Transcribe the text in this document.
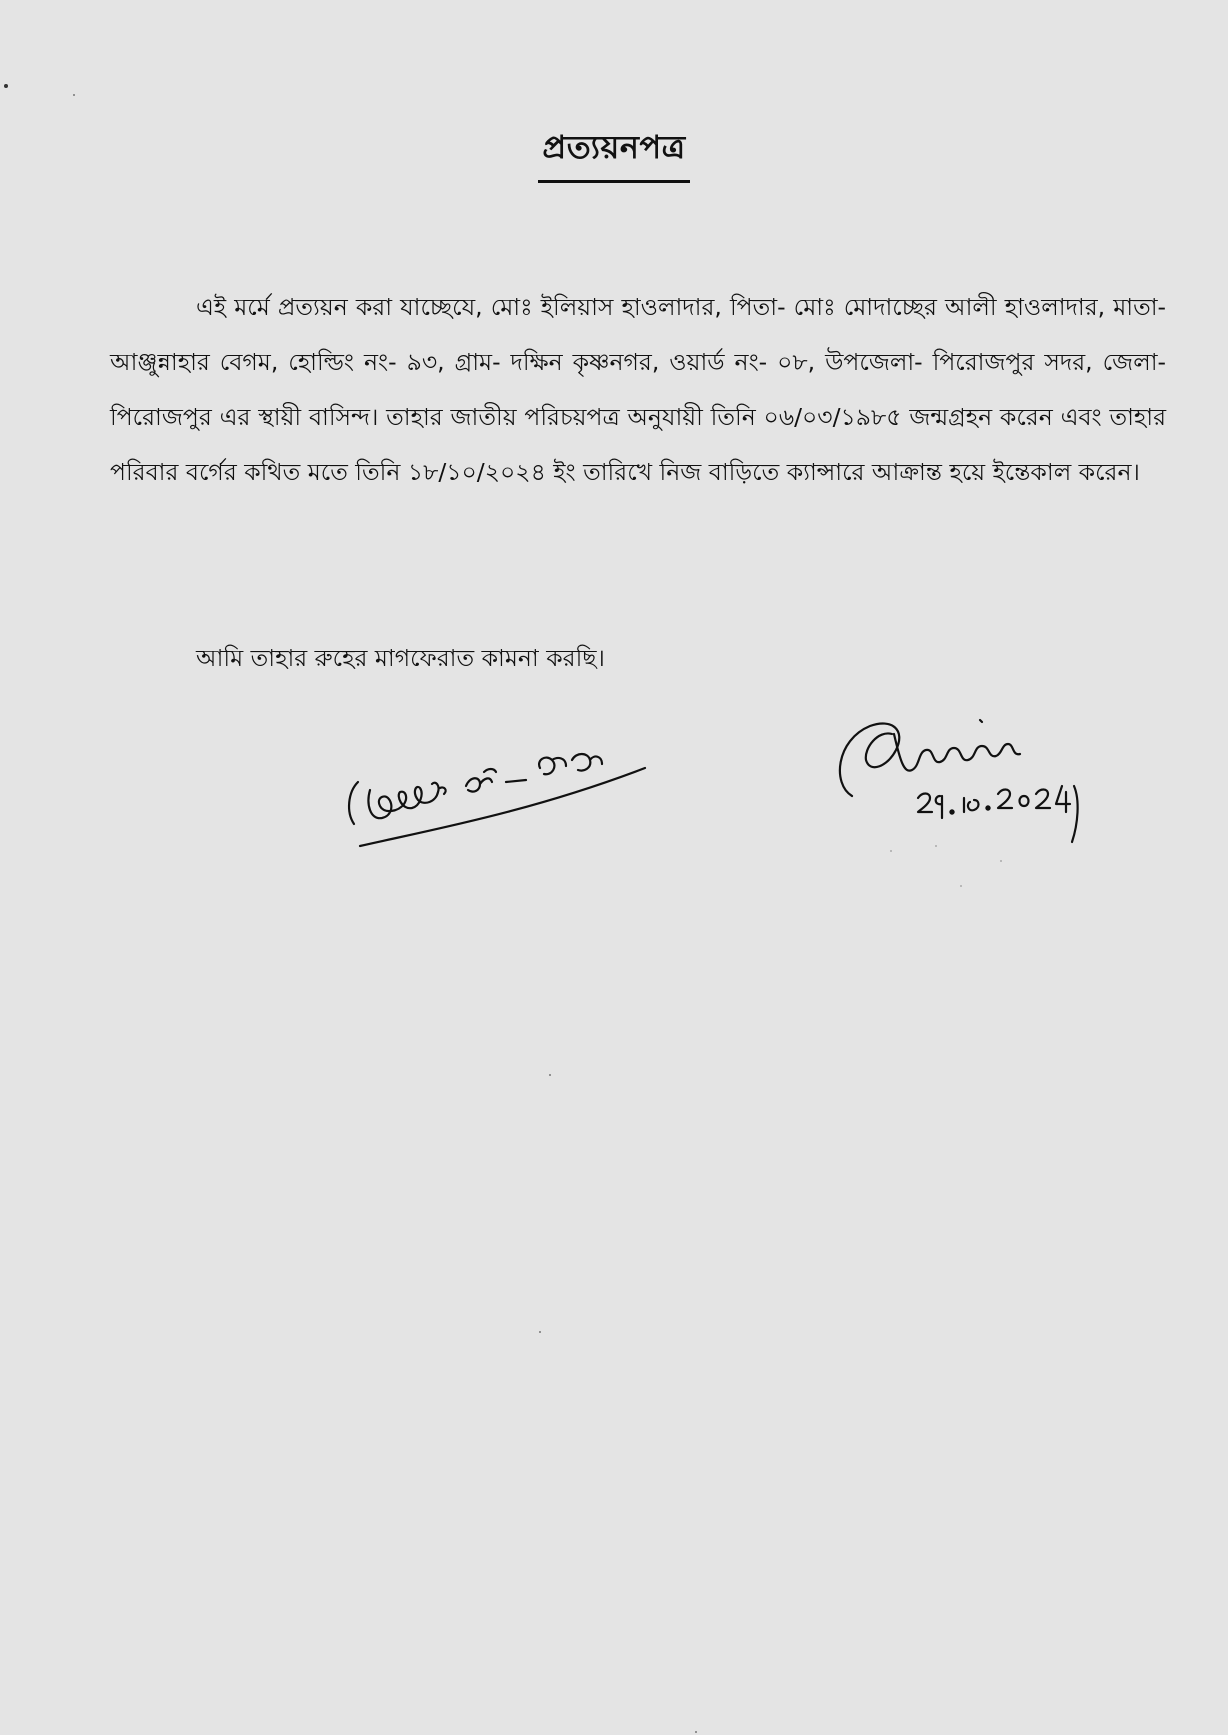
প্রত্যয়নপত্র

এই মর্মে প্রত্যয়ন করা যাচ্ছেযে, মোঃ ইলিয়াস হাওলাদার, পিতা- মোঃ মোদাচ্ছের আলী হাওলাদার, মাতা- আঞ্জুন্নাহার বেগম, হোল্ডিং নং- ৯৩, গ্রাম- দক্ষিন কৃষ্ণনগর, ওয়ার্ড নং- ০৮, উপজেলা- পিরোজপুর সদর, জেলা- পিরোজপুর এর স্থায়ী বাসিন্দ। তাহার জাতীয় পরিচয়পত্র অনুযায়ী তিনি ০৬/০৩/১৯৮৫ জন্মগ্রহন করেন এবং তাহার পরিবার বর্গের কথিত মতে তিনি ১৮/১০/২০২৪ ইং তারিখে নিজ বাড়িতে ক্যান্সারে আক্রান্ত হয়ে ইন্তেকাল করেন।

আমি তাহার রুহের মাগফেরাত কামনা করছি।
